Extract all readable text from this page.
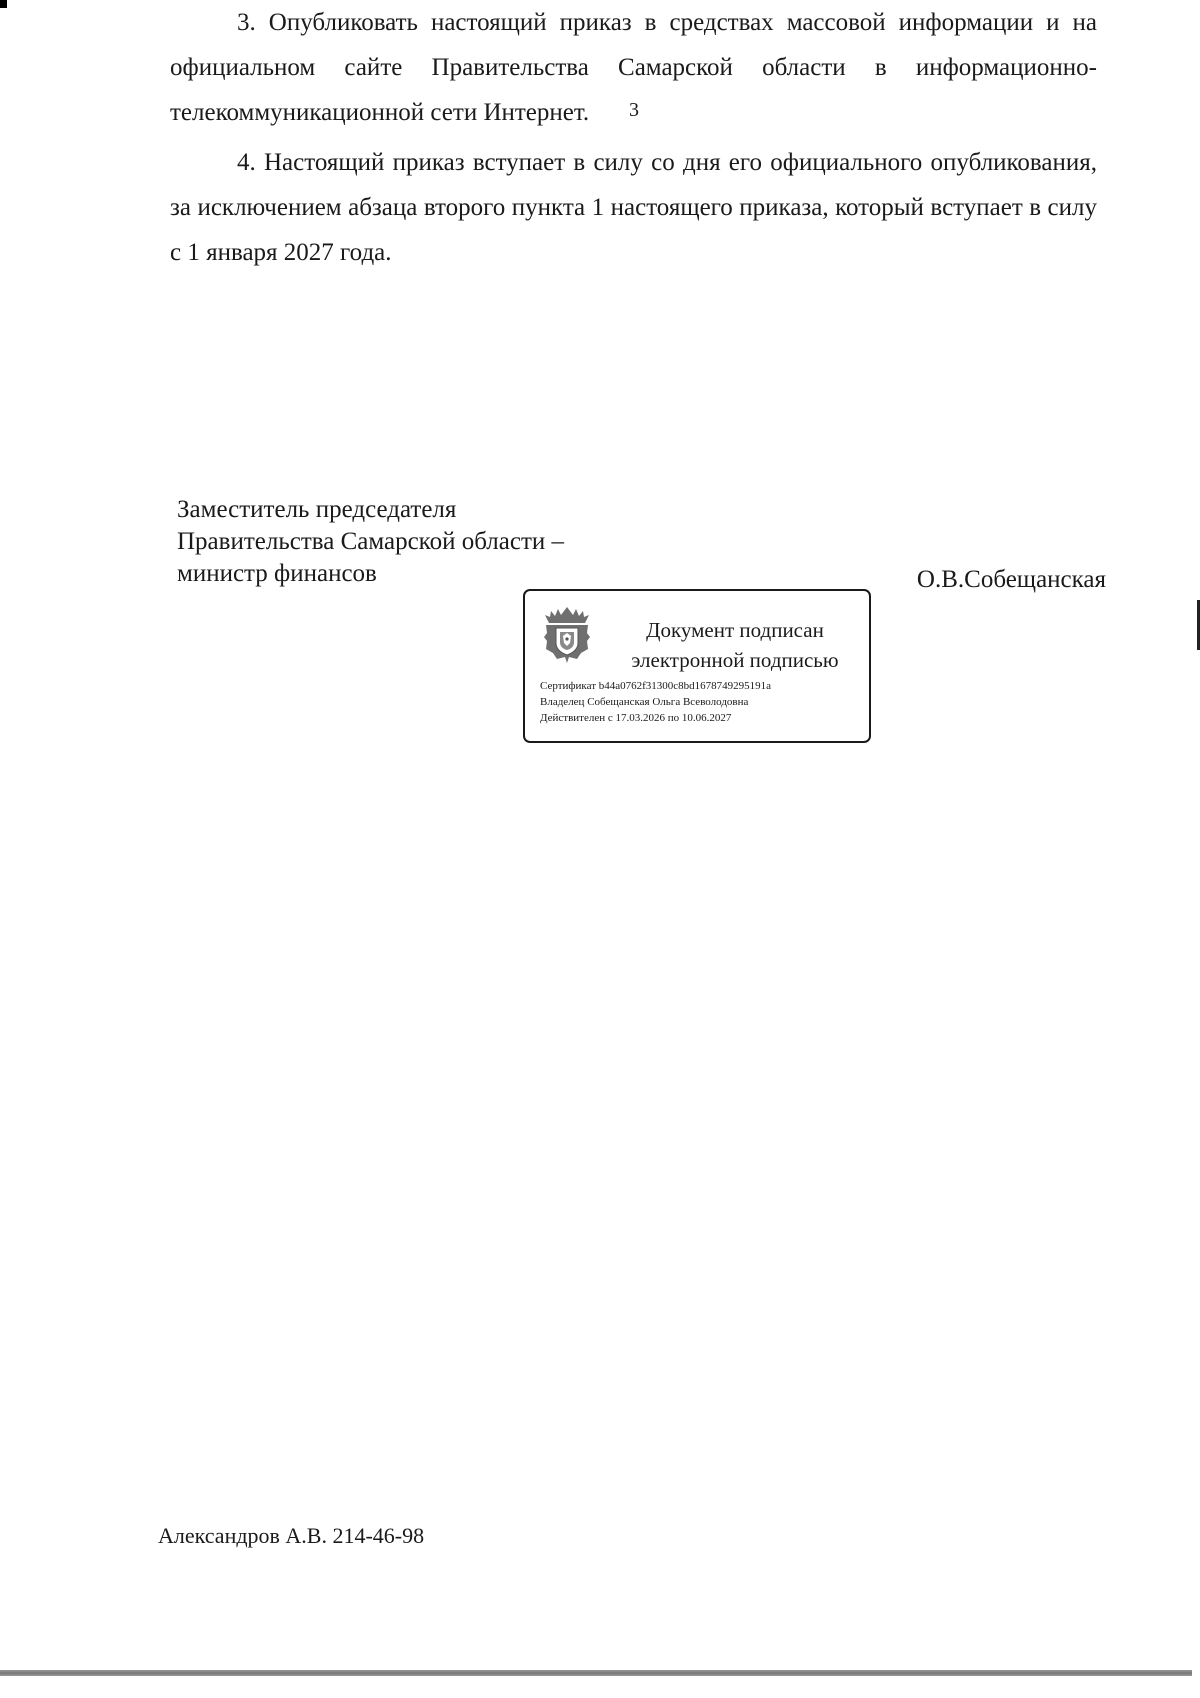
3

3. Опубликовать настоящий приказ в средствах массовой информации и на официальном сайте Правительства Самарской области в информационно-телекоммуникационной сети Интернет.

4. Настоящий приказ вступает в силу со дня его официального опубликования, за исключением абзаца второго пункта 1 настоящего приказа, который вступает в силу с 1 января 2027 года.

Заместитель председателя
Правительства Самарской области –
министр финансов	О.В.Собещанская
Документ подписан
электронной подписью
Сертификат b44a0762f31300c8bd1678749295191a
Владелец Собещанская Ольга Всеволодовна
Действителен с 17.03.2026 по 10.06.2027
Александров А.В. 214-46-98
